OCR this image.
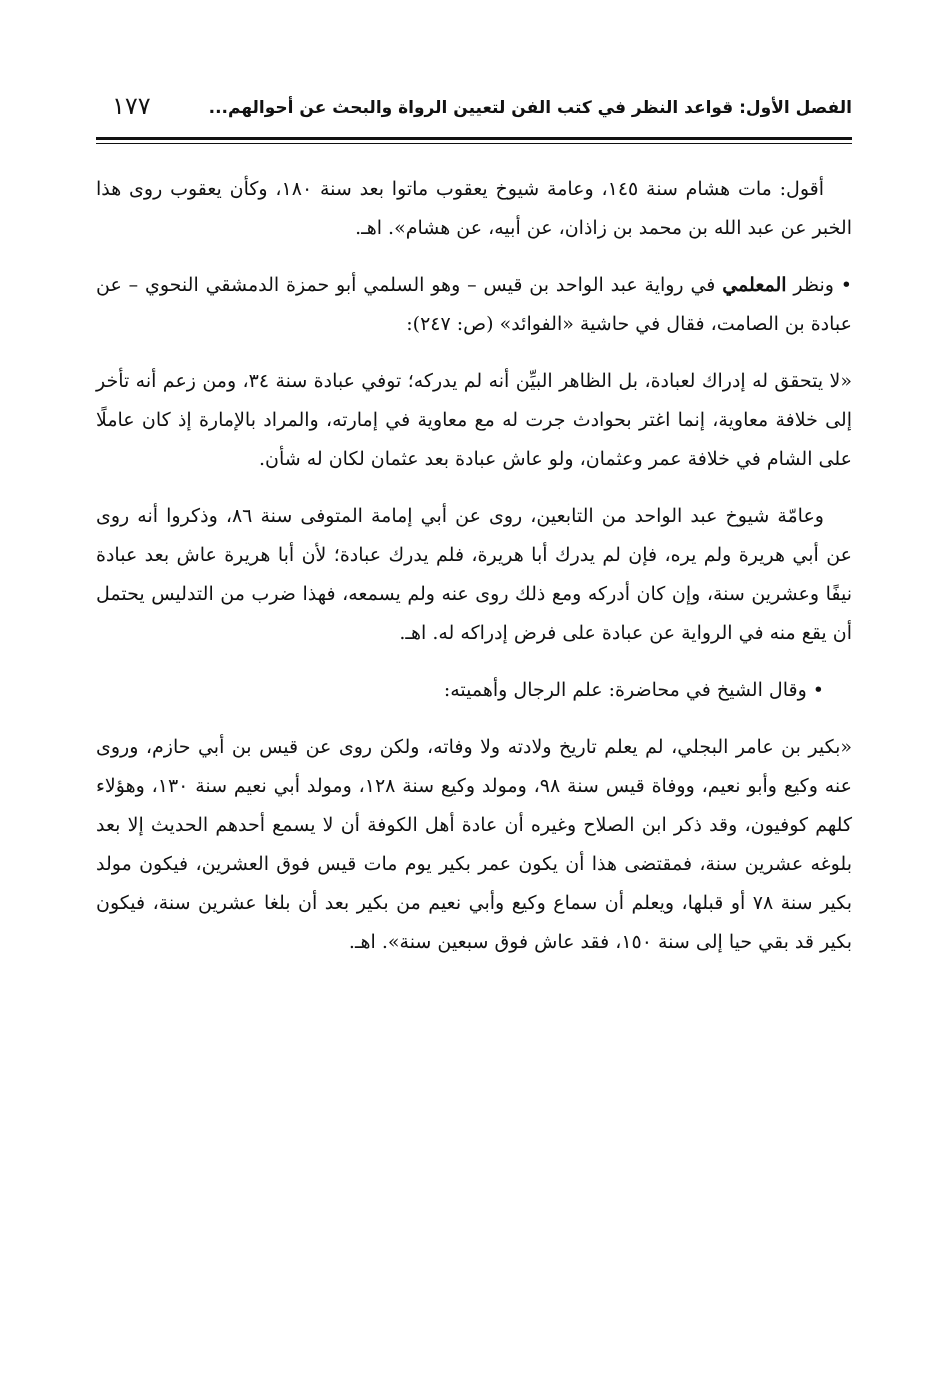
الفصل الأول: قواعد النظر في كتب الفن لتعيين الرواة والبحث عن أحوالهم...
١٧٧

أقول: مات هشام سنة ١٤٥، وعامة شيوخ يعقوب ماتوا بعد سنة ١٨٠، وكأن يعقوب روى هذا الخبر عن عبد الله بن محمد بن زاذان، عن أبيه، عن هشام». اهـ.

• ونظر المعلمي في رواية عبد الواحد بن قيس – وهو السلمي أبو حمزة الدمشقي النحوي – عن عبادة بن الصامت، فقال في حاشية «الفوائد» (ص: ٢٤٧):

«لا يتحقق له إدراك لعبادة، بل الظاهر البيِّن أنه لم يدركه؛ توفي عبادة سنة ٣٤، ومن زعم أنه تأخر إلى خلافة معاوية، إنما اغتر بحوادث جرت له مع معاوية في إمارته، والمراد بالإمارة إذ كان عاملًا على الشام في خلافة عمر وعثمان، ولو عاش عبادة بعد عثمان لكان له شأن.

وعامّة شيوخ عبد الواحد من التابعين، روى عن أبي إمامة المتوفى سنة ٨٦، وذكروا أنه روى عن أبي هريرة ولم يره، فإن لم يدرك أبا هريرة، فلم يدرك عبادة؛ لأن أبا هريرة عاش بعد عبادة نيفًا وعشرين سنة، وإن كان أدركه ومع ذلك روى عنه ولم يسمعه، فهذا ضرب من التدليس يحتمل أن يقع منه في الرواية عن عبادة على فرض إدراكه له. اهـ.

• وقال الشيخ في محاضرة: علم الرجال وأهميته:

«بكير بن عامر البجلي، لم يعلم تاريخ ولادته ولا وفاته، ولكن روى عن قيس بن أبي حازم، وروى عنه وكيع وأبو نعيم، ووفاة قيس سنة ٩٨، ومولد وكيع سنة ١٢٨، ومولد أبي نعيم سنة ١٣٠، وهؤلاء كلهم كوفيون، وقد ذكر ابن الصلاح وغيره أن عادة أهل الكوفة أن لا يسمع أحدهم الحديث إلا بعد بلوغه عشرين سنة، فمقتضى هذا أن يكون عمر بكير يوم مات قيس فوق العشرين، فيكون مولد بكير سنة ٧٨ أو قبلها، ويعلم أن سماع وكيع وأبي نعيم من بكير بعد أن بلغا عشرين سنة، فيكون بكير قد بقي حيا إلى سنة ١٥٠، فقد عاش فوق سبعين سنة». اهـ.
